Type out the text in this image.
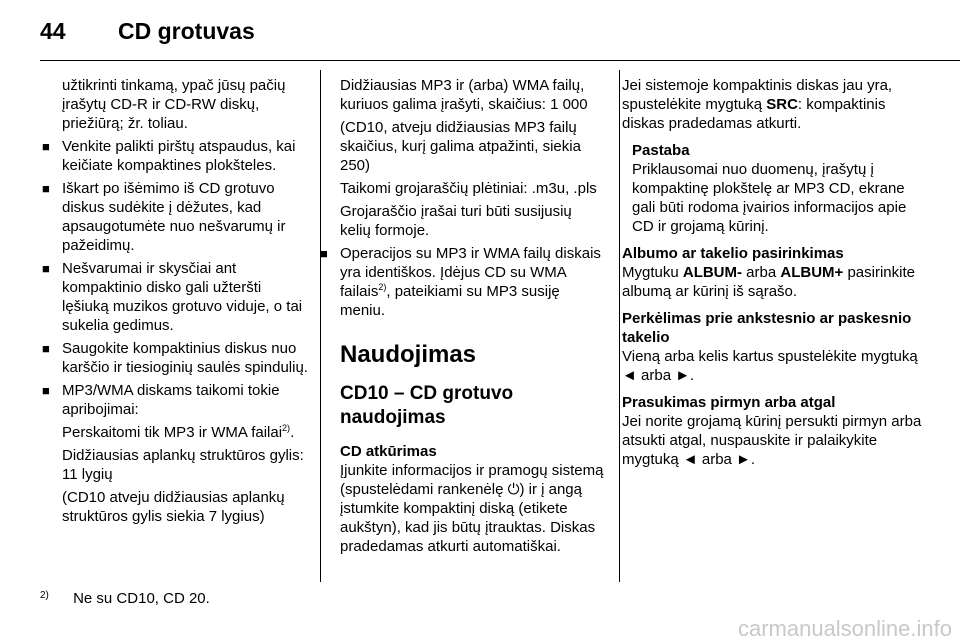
44 CD grotuvas

užtikrinti tinkamą, ypač jūsų pačių įrašytų CD-R ir CD-RW diskų, priežiūrą; žr. toliau.

■ Venkite palikti pirštų atspaudus, kai keičiate kompaktines plokšteles.
■ Iškart po išėmimo iš CD grotuvo diskus sudėkite į dėžutes, kad apsaugotumėte nuo nešvarumų ir pažeidimų.
■ Nešvarumai ir skysčiai ant kompaktinio disko gali užteršti lęšiuką muzikos grotuvo viduje, o tai sukelia gedimus.
■ Saugokite kompaktinius diskus nuo karščio ir tiesioginių saulės spindulių.
■ MP3/WMA diskams taikomi tokie apribojimai:

Perskaitomi tik MP3 ir WMA failai$^{2)}$.

Didžiausias aplankų struktūros gylis: 11 lygių

(CD10 atveju didžiausias aplankų struktūros gylis siekia 7 lygius)

Didžiausias MP3 ir (arba) WMA failų, kuriuos galima įrašyti, skaičius: 1 000

(CD10, atveju didžiausias MP3 failų skaičius, kurį galima atpažinti, siekia 250)

Taikomi grojaraščių plėtiniai: .m3u, .pls

Grojaraščio įrašai turi būti susijusių kelių formoje.

■ Operacijos su MP3 ir WMA failų diskais yra identiškos. Įdėjus CD su WMA failais$^{2)}$, pateikiami su MP3 susiję meniu.
Naudojimas
CD10 – CD grotuvo naudojimas
CD atkūrimas

Įjunkite informacijos ir pramogų sistemą (spustelėdami rankenėlę ⏻) ir į angą įstumkite kompaktinį diską (etikete aukštyn), kad jis būtų įtrauktas. Diskas pradedamas atkurti automatiškai.

Jei sistemoje kompaktinis diskas jau yra, spustelėkite mygtuką SRC: kompaktinis diskas pradedamas atkurti.

Pastaba
Priklausomai nuo duomenų, įrašytų į kompaktinę plokštelę ar MP3 CD, ekrane gali būti rodoma įvairios informacijos apie CD ir grojamą kūrinį.
Albumo ar takelio pasirinkimas

Mygtuku ALBUM- arba ALBUM+ pasirinkite albumą ar kūrinį iš sąrašo.

Perkėlimas prie ankstesnio ar paskesnio takelio

Vieną arba kelis kartus spustelėkite mygtuką ◄ arba ►.

Prasukimas pirmyn arba atgal

Jei norite grojamą kūrinį persukti pirmyn arba atsukti atgal, nuspauskite ir palaikykite mygtuką ◄ arba ►.

$^{2)}$ Ne su CD10, CD 20.
carmanualsonline.info
